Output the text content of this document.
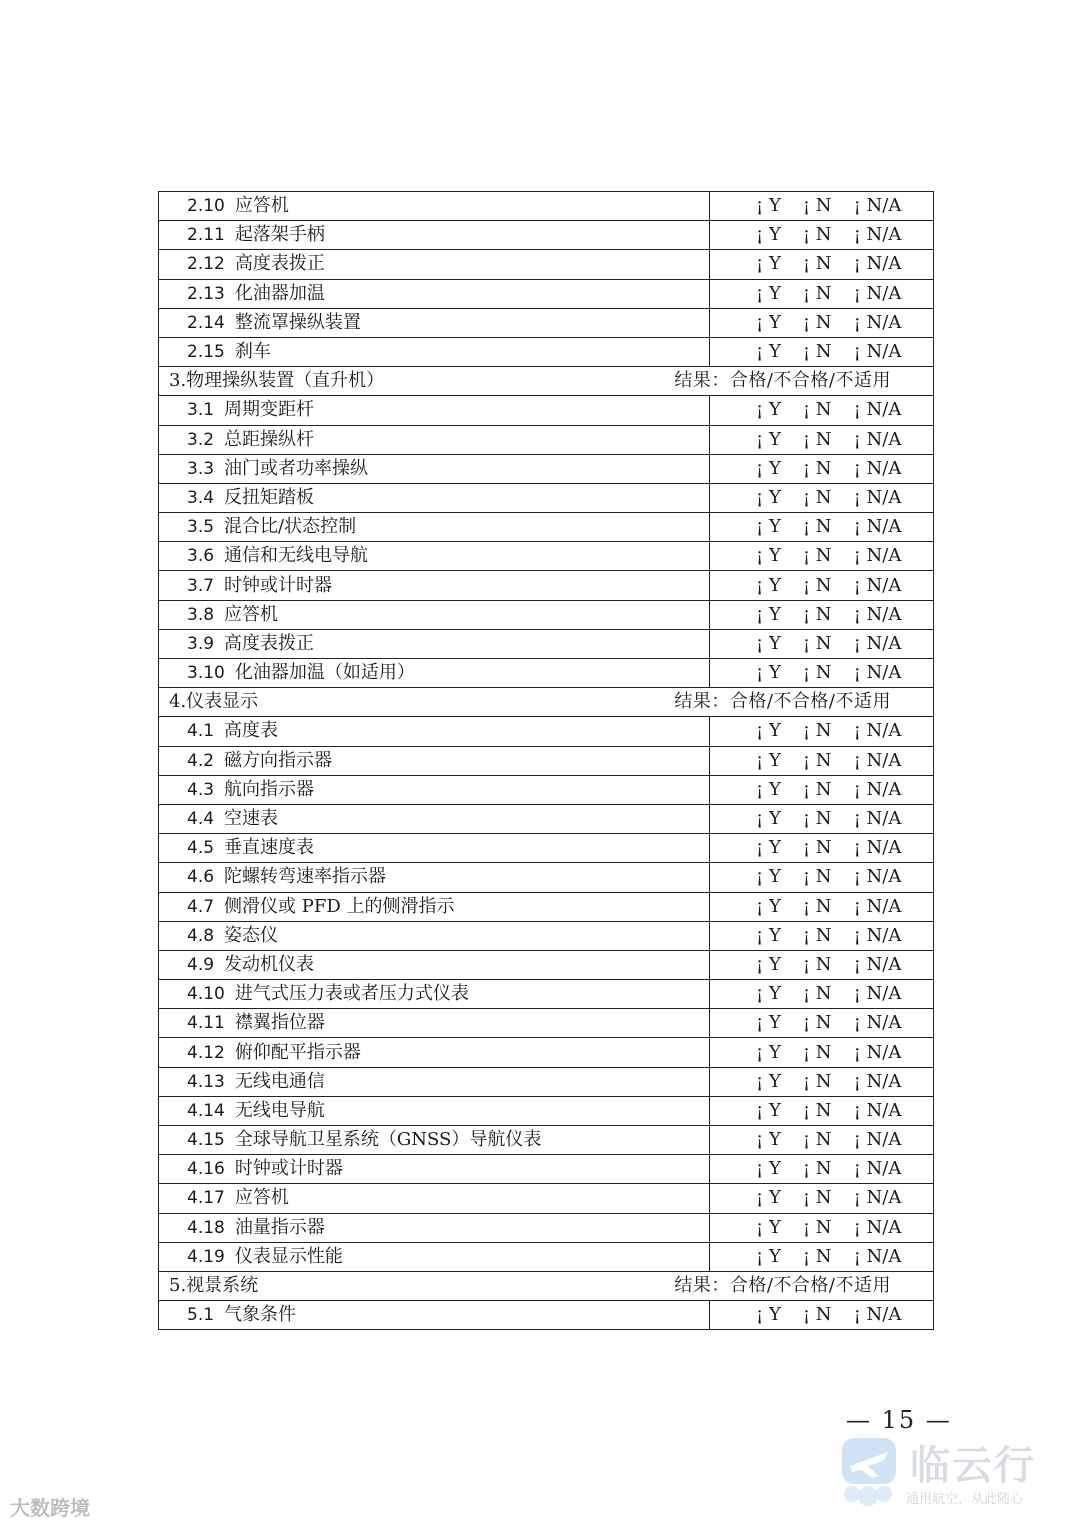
2.10 应答机	¡ Y ¡ N ¡ N/A

2.11 起落架手柄	¡ Y ¡ N ¡ N/A

2.12 高度表拨正	¡ Y ¡ N ¡ N/A

2.13 化油器加温	¡ Y ¡ N ¡ N/A

2.14 整流罩操纵装置	¡ Y ¡ N ¡ N/A

2.15 刹车	¡ Y ¡ N ¡ N/A

3.物理操纵装置（直升机） 结果：合格/不合格/不适用	

3.1 周期变距杆	¡ Y ¡ N ¡ N/A

3.2 总距操纵杆	¡ Y ¡ N ¡ N/A

3.3 油门或者功率操纵	¡ Y ¡ N ¡ N/A

3.4 反扭矩踏板	¡ Y ¡ N ¡ N/A

3.5 混合比/状态控制	¡ Y ¡ N ¡ N/A

3.6 通信和无线电导航	¡ Y ¡ N ¡ N/A

3.7 时钟或计时器	¡ Y ¡ N ¡ N/A

3.8 应答机	¡ Y ¡ N ¡ N/A

3.9 高度表拨正	¡ Y ¡ N ¡ N/A

3.10 化油器加温（如适用）	¡ Y ¡ N ¡ N/A

4.仪表显示 结果：合格/不合格/不适用	

4.1 高度表	¡ Y ¡ N ¡ N/A

4.2 磁方向指示器	¡ Y ¡ N ¡ N/A

4.3 航向指示器	¡ Y ¡ N ¡ N/A

4.4 空速表	¡ Y ¡ N ¡ N/A

4.5 垂直速度表	¡ Y ¡ N ¡ N/A

4.6 陀螺转弯速率指示器	¡ Y ¡ N ¡ N/A

4.7 侧滑仪或 PFD 上的侧滑指示	¡ Y ¡ N ¡ N/A

4.8 姿态仪	¡ Y ¡ N ¡ N/A

4.9 发动机仪表	¡ Y ¡ N ¡ N/A

4.10 进气式压力表或者压力式仪表	¡ Y ¡ N ¡ N/A

4.11 襟翼指位器	¡ Y ¡ N ¡ N/A

4.12 俯仰配平指示器	¡ Y ¡ N ¡ N/A

4.13 无线电通信	¡ Y ¡ N ¡ N/A

4.14 无线电导航	¡ Y ¡ N ¡ N/A

4.15 全球导航卫星系统（GNSS）导航仪表	¡ Y ¡ N ¡ N/A

4.16 时钟或计时器	¡ Y ¡ N ¡ N/A

4.17 应答机	¡ Y ¡ N ¡ N/A

4.18 油量指示器	¡ Y ¡ N ¡ N/A

4.19 仪表显示性能	¡ Y ¡ N ¡ N/A

5.视景系统 结果：合格/不合格/不适用	

5.1 气象条件	¡ Y ¡ N ¡ N/A
— 15 —
大数跨境
临云行
通用航空，从此随心
